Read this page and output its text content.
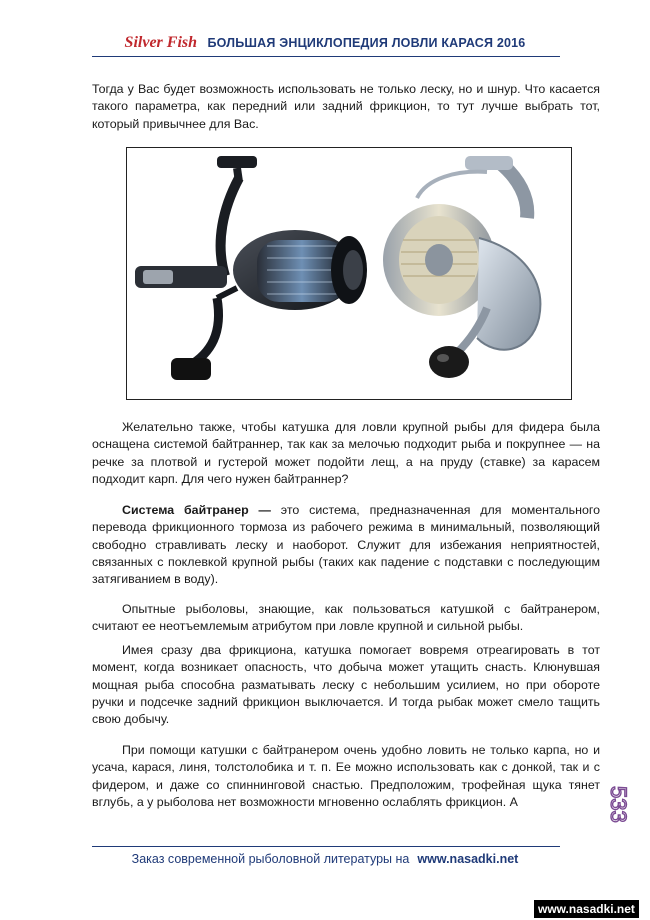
Silver Fish БОЛЬШАЯ ЭНЦИКЛОПЕДИЯ ЛОВЛИ КАРАСЯ 2016

Тогда у Вас будет возможность использовать не только леску, но и шнур. Что касается такого параметра, как передний или задний фрикцион, то тут лучше выбрать тот, который привычнее для Вас.

Желательно также, чтобы катушка для ловли крупной рыбы для фидера была оснащена системой байтраннер, так как за мелочью подходит рыба и покрупнее — на речке за плотвой и густерой может подойти лещ, а на пруду (ставке) за карасем подходит карп. Для чего нужен байтраннер?

Система байтранер — это система, предназначенная для моментального перевода фрикционного тормоза из рабочего режима в минимальный, позволяющий свободно стравливать леску и наоборот. Служит для избежания неприятностей, связанных с поклевкой крупной рыбы (таких как падение с подставки с последующим затягиванием в воду).

Опытные рыболовы, знающие, как пользоваться катушкой с байтранером, считают ее неотъемлемым атрибутом при ловле крупной и сильной рыбы.

Имея сразу два фрикциона, катушка помогает вовремя отреагировать в тот момент, когда возникает опасность, что добыча может утащить снасть. Клюнувшая мощная рыба способна разматывать леску с небольшим усилием, но при обороте ручки и подсечке задний фрикцион выключается. И тогда рыбак может смело тащить свою добычу.

При помощи катушки с байтранером очень удобно ловить не только карпа, но и усача, карася, линя, толстолобика и т. п. Ее можно использовать как с донкой, так и с фидером, и даже со спиннинговой снастью. Предположим, трофейная щука тянет вглубь, а у рыболова нет возможности мгновенно ослаблять фрикцион. А	533
Заказ современной рыболовной литературы на www.nasadki.net
www.nasadki.net
